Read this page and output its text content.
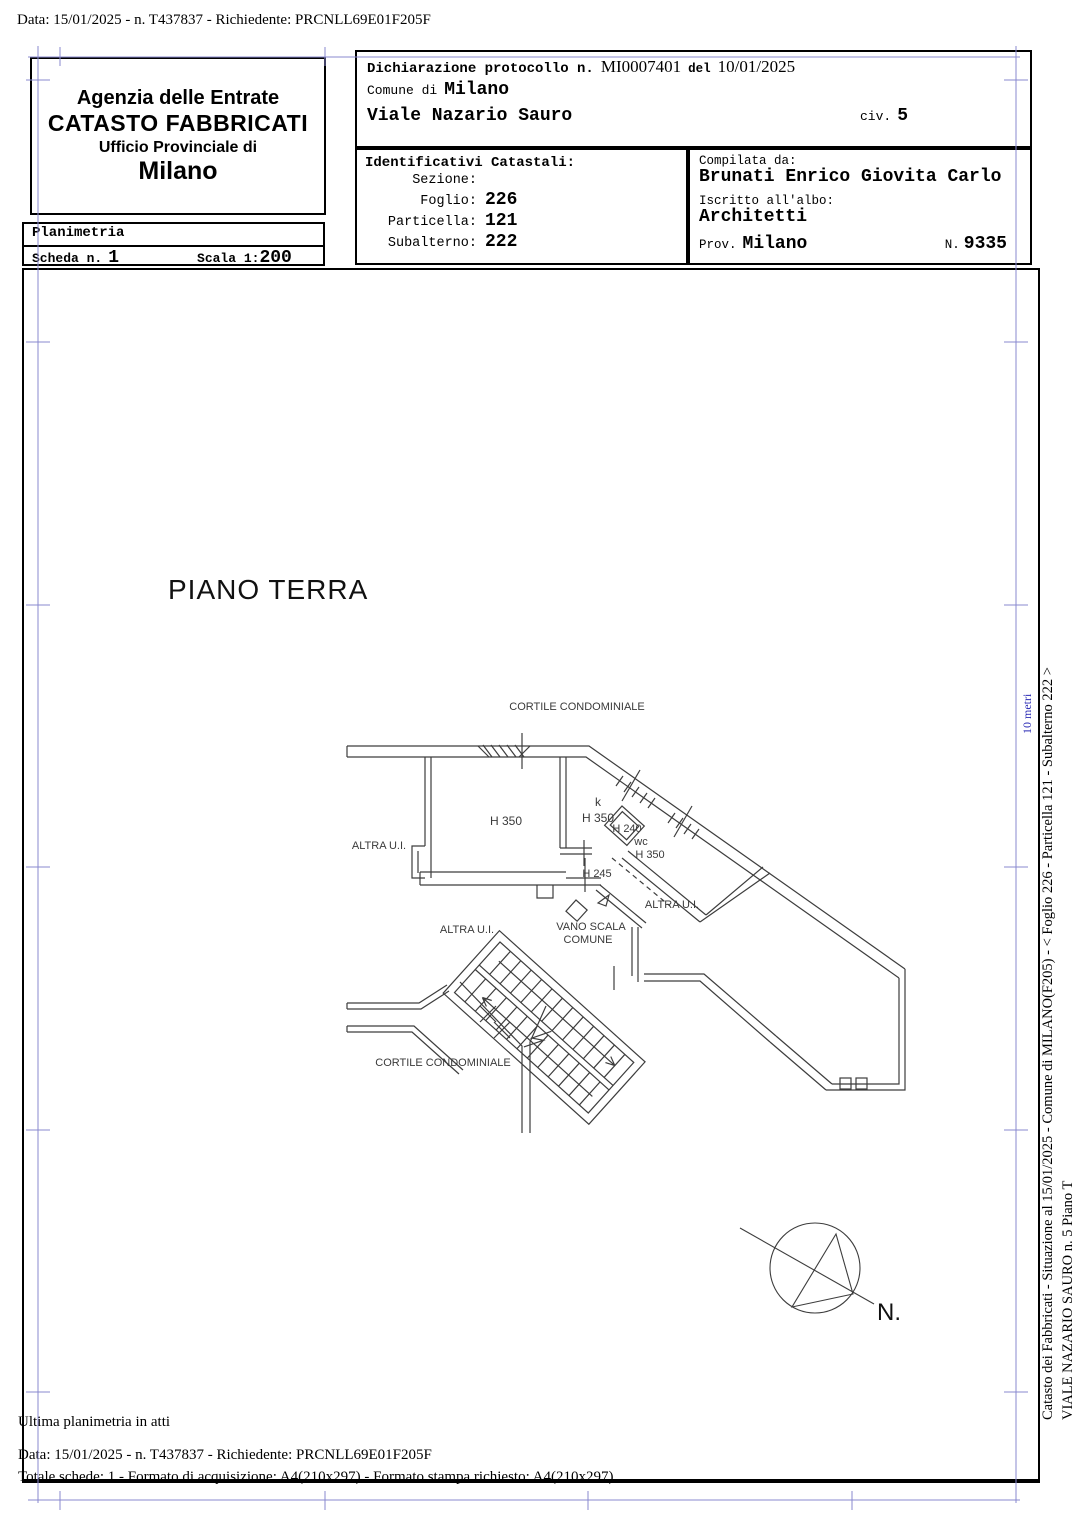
Data: 15/01/2025 - n. T437837 - Richiedente: PRCNLL69E01F205F
Agenzia delle Entrate
CATASTO FABBRICATI
Ufficio Provinciale di
Milano
Planimetria
Scheda n. 1	Scala 1: 200
Dichiarazione protocollo n. MI0007401 del 10/01/2025
Comune di Milano
Viale Nazario Sauro	civ. 5
Identificativi Catastali:
Sezione:
Foglio: 226
Particella: 121
Subalterno: 222
Compilata da:
Brunati Enrico Giovita Carlo
Iscritto all'albo:
Architetti
Prov. Milano	N. 9335
PIANO TERRA
Ultima planimetria in atti
Data: 15/01/2025 - n. T437837 - Richiedente: PRCNLL69E01F205F
Totale schede: 1 - Formato di acquisizione: A4(210x297) - Formato stampa richiesto: A4(210x297)
10 metri Catasto dei Fabbricati - Situazione al 15/01/2025 - Comune di MILANO(F205) - < Foglio 226 - Particella 121 - Subalterno 222 > VIALE NAZARIO SAURO n. 5 Piano T
CORTILE CONDOMINIALE
ALTRA U.I.
H 350
k
H 350
H 240
wc
H 350
H 245
ALTRA U.I.
ALTRA U.I.	VANO SCALA
COMUNE
CORTILE CONDOMINIALE
N.
